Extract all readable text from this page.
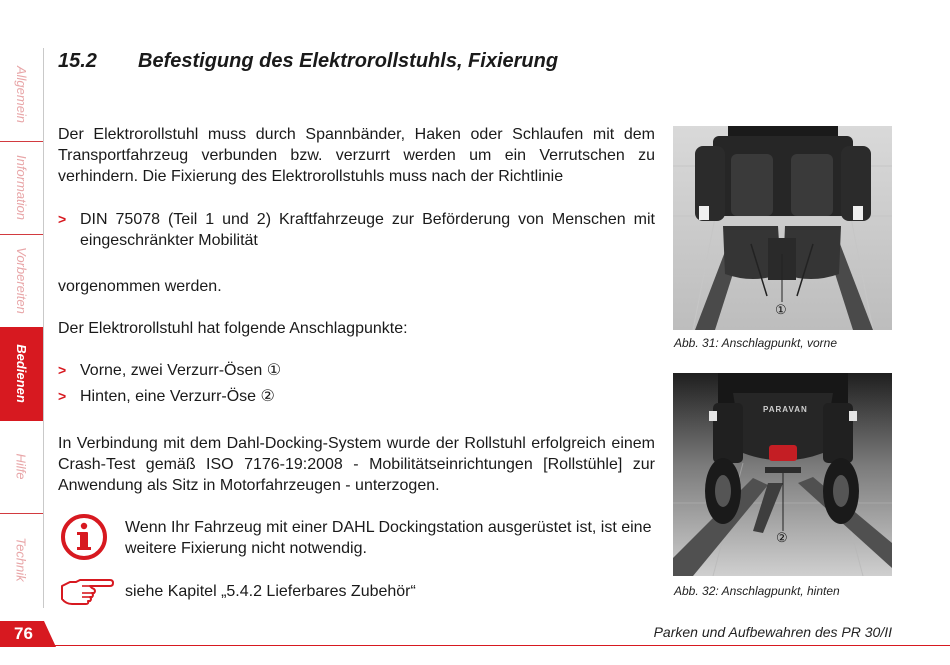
Allgemein
Information
Vorbereiten
Bedienen
Hilfe
Technik
15.2 Befestigung des Elektrorollstuhls, Fixierung
Der Elektrorollstuhl muss durch Spannbänder, Haken oder Schlaufen mit dem Transportfahrzeug verbunden bzw. verzurrt werden um ein Verrutschen zu verhindern. Die Fixierung des Elektrorollstuhls muss nach der Richtlinie
> DIN 75078 (Teil 1 und 2) Kraftfahrzeuge zur Beförderung von Menschen mit eingeschränkter Mobilität
vorgenommen werden.
Der Elektrorollstuhl hat folgende Anschlagpunkte:
> Vorne, zwei Verzurr-Ösen ①
> Hinten, eine Verzurr-Öse ②
In Verbindung mit dem Dahl-Docking-System wurde der Rollstuhl erfolgreich einem Crash-Test gemäß ISO 7176-19:2008 - Mobilitätseinrichtungen [Rollstühle] zur Anwendung als Sitz in Motorfahrzeugen - unterzogen.
Wenn Ihr Fahrzeug mit einer DAHL Dockingstation ausgerüstet ist, ist eine weitere Fixierung nicht notwendig.
siehe Kapitel „5.4.2 Lieferbares Zubehör“
①
Abb. 31: Anschlagpunkt, vorne
PARAVAN
②
Abb. 32: Anschlagpunkt, hinten
76	Parken und Aufbewahren des PR 30/II
